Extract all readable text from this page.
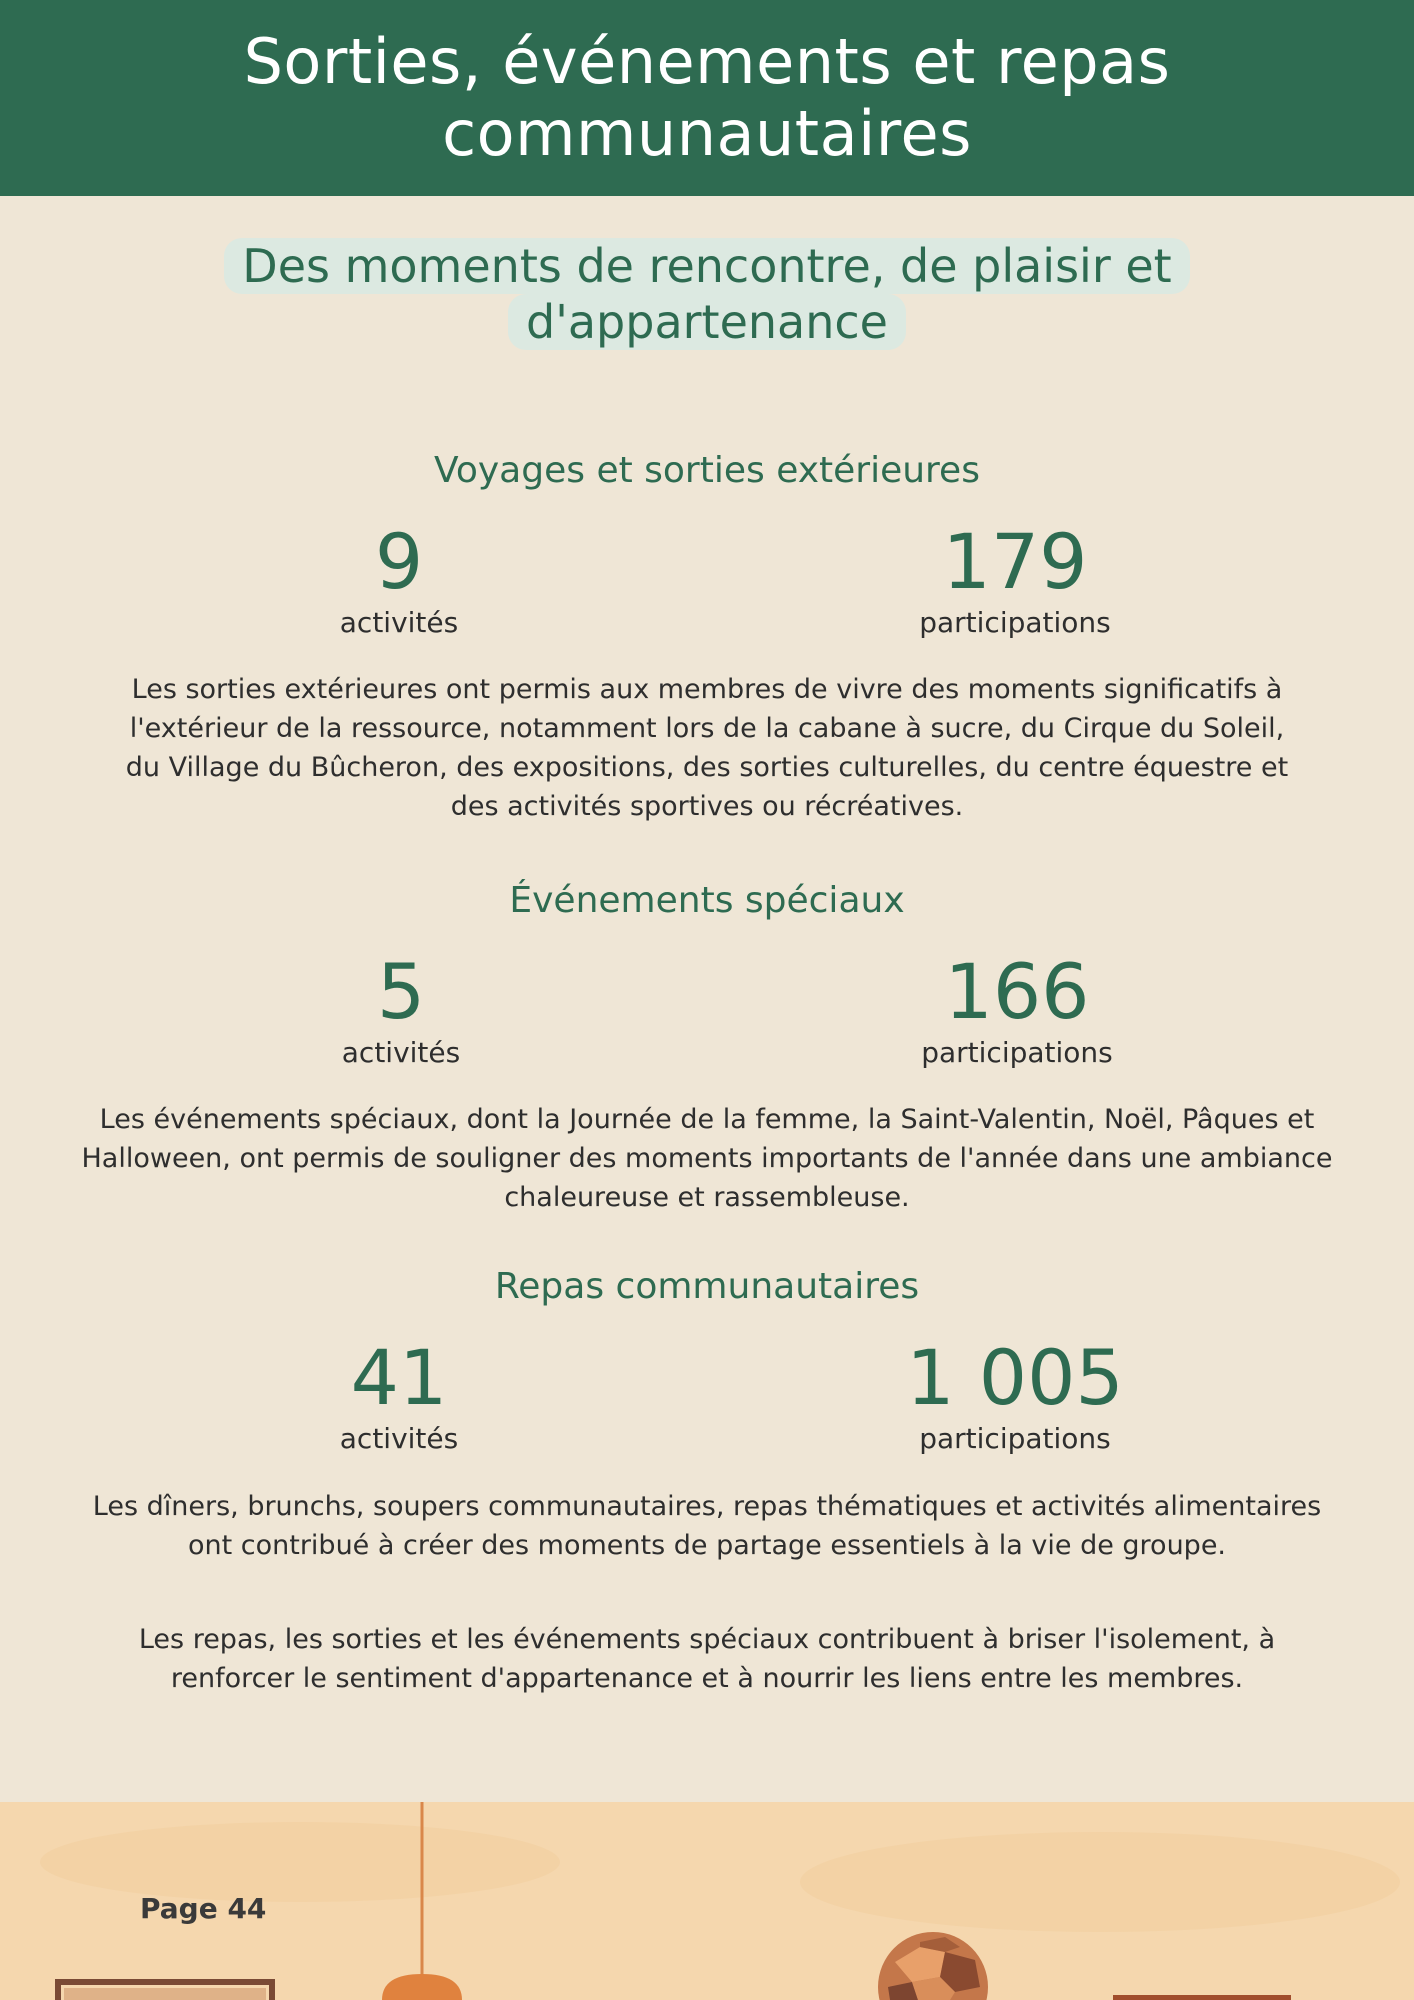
Sorties, événements et repas
communautaires
Des moments de rencontre, de plaisir et
d'appartenance
Voyages et sorties extérieures
9
activités
179
participations
Les sorties extérieures ont permis aux membres de vivre des moments significatifs à l'extérieur de la ressource, notamment lors de la cabane à sucre, du Cirque du Soleil, du Village du Bûcheron, des expositions, des sorties culturelles, du centre équestre et des activités sportives ou récréatives.
Événements spéciaux
5
activités
166
participations
Les événements spéciaux, dont la Journée de la femme, la Saint-Valentin, Noël, Pâques et Halloween, ont permis de souligner des moments importants de l'année dans une ambiance chaleureuse et rassembleuse.
Repas communautaires
41
activités
1 005
participations
Les dîners, brunchs, soupers communautaires, repas thématiques et activités alimentaires ont contribué à créer des moments de partage essentiels à la vie de groupe.
Les repas, les sorties et les événements spéciaux contribuent à briser l'isolement, à renforcer le sentiment d'appartenance et à nourrir les liens entre les membres.
Page 44
